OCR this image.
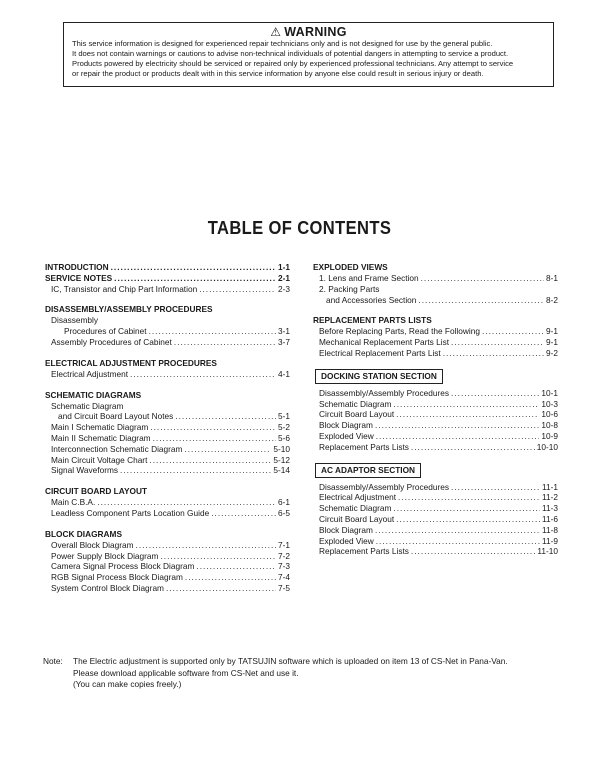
⚠ WARNING
This service information is designed for experienced repair technicians only and is not designed for use by the general public.
It does not contain warnings or cautions to advise non-technical individuals of potential dangers in attempting to service a product.
Products powered by electricity should be serviced or repaired only by experienced professional technicians. Any attempt to service
or repair the product or products dealt with in this service information by anyone else could result in serious injury or death.
TABLE OF CONTENTS
INTRODUCTION .....	1-1
SERVICE NOTES .....	2-1
IC, Transistor and Chip Part Information .....	2-3
DISASSEMBLY/ASSEMBLY PROCEDURES
Disassembly
Procedures of Cabinet .....	3-1
Assembly Procedures of Cabinet .....	3-7
ELECTRICAL ADJUSTMENT PROCEDURES
Electrical Adjustment .....	4-1
SCHEMATIC DIAGRAMS
Schematic Diagram
and Circuit Board Layout Notes .....	5-1
Main I Schematic Diagram .....	5-2
Main II Schematic Diagram .....	5-6
Interconnection Schematic Diagram .....	5-10
Main Circuit Voltage Chart .....	5-12
Signal Waveforms .....	5-14
CIRCUIT BOARD LAYOUT
Main C.B.A. .....	6-1
Leadless Component Parts Location Guide .....	6-5
BLOCK DIAGRAMS
Overall Block Diagram .....	7-1
Power Supply Block Diagram .....	7-2
Camera Signal Process Block Diagram .....	7-3
RGB Signal Process Block Diagram .....	7-4
System Control Block Diagram .....	7-5
EXPLODED VIEWS
1. Lens and Frame Section .....	8-1
2. Packing Parts
and Accessories Section .....	8-2
REPLACEMENT PARTS LISTS
Before Replacing Parts, Read the Following .....	9-1
Mechanical Replacement Parts List .....	9-1
Electrical Replacement Parts List .....	9-2
DOCKING STATION SECTION
Disassembly/Assembly Procedures .....	10-1
Schematic Diagram .....	10-3
Circuit Board Layout .....	10-6
Block Diagram .....	10-8
Exploded View .....	10-9
Replacement Parts Lists .....	10-10
AC ADAPTOR SECTION
Disassembly/Assembly Procedures .....	11-1
Electrical Adjustment .....	11-2
Schematic Diagram .....	11-3
Circuit Board Layout .....	11-6
Block Diagram .....	11-8
Exploded View .....	11-9
Replacement Parts Lists .....	11-10
Note: The Electric adjustment is supported only by TATSUJIN software which is uploaded on item 13 of CS-Net in Pana-Van.
Please download applicable software from CS-Net and use it.
(You can make copies freely.)
